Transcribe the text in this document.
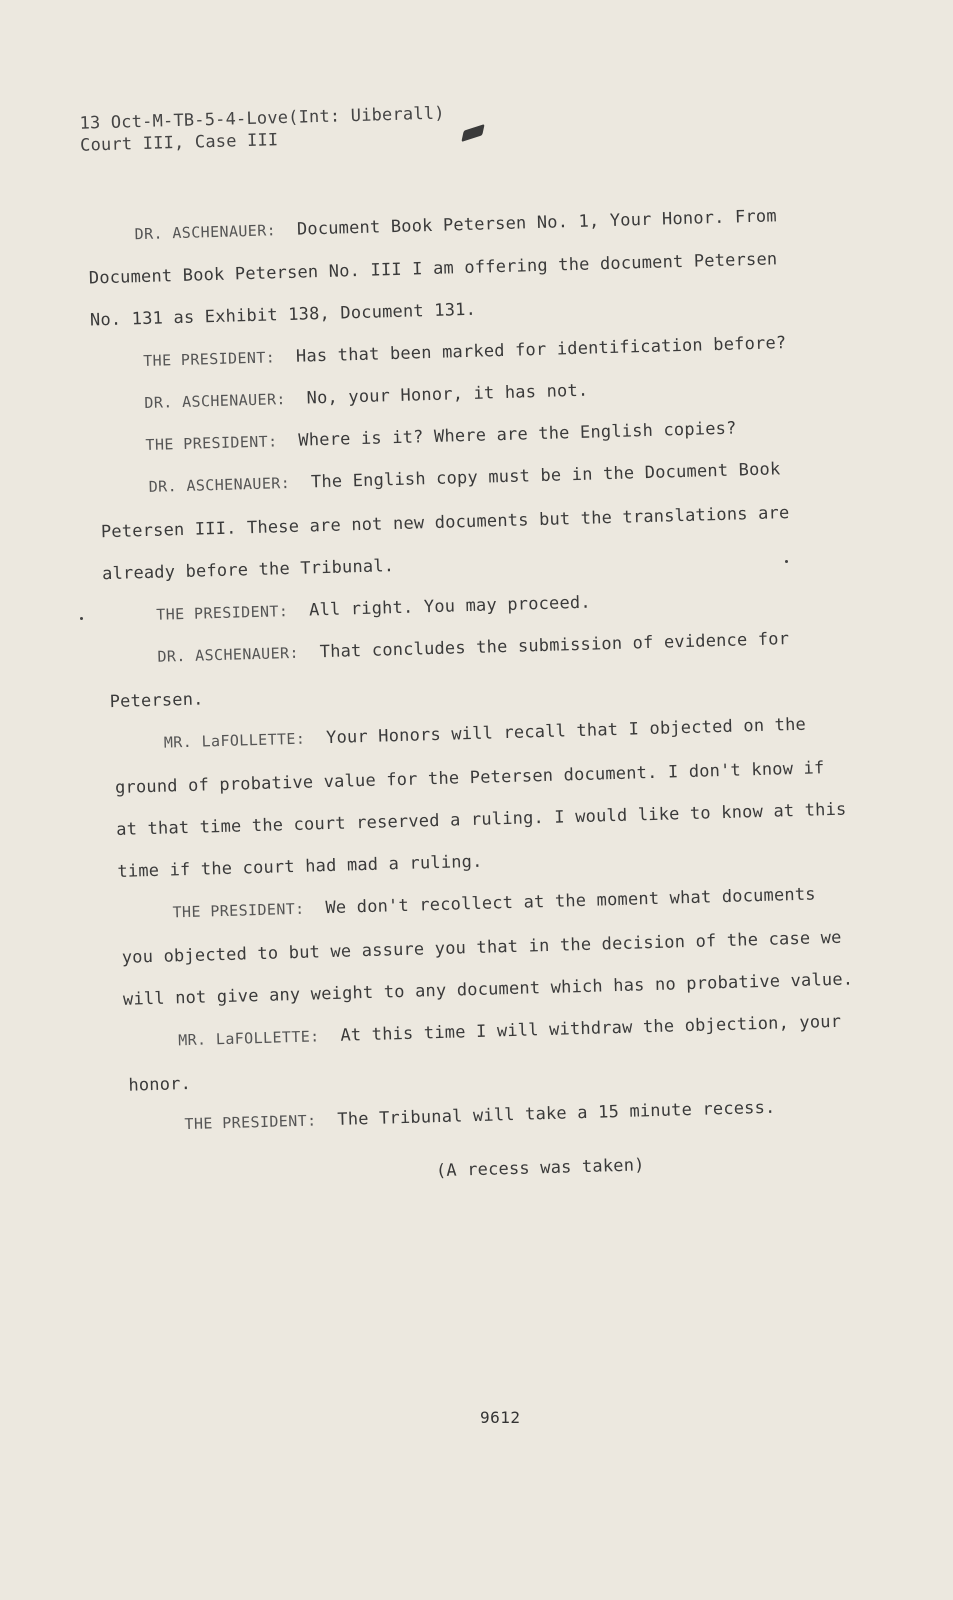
13 Oct-M-TB-5-4-Love(Int: Uiberall)
Court III, Case III
DR. ASCHENAUER: Document Book Petersen No. 1, Your Honor. From
Document Book Petersen No. III I am offering the document Petersen
No. 131 as Exhibit 138, Document 131.
THE PRESIDENT: Has that been marked for identification before?
DR. ASCHENAUER: No, your Honor, it has not.
THE PRESIDENT: Where is it? Where are the English copies?
DR. ASCHENAUER: The English copy must be in the Document Book
Petersen III. These are not new documents but the translations are
already before the Tribunal.
THE PRESIDENT: All right. You may proceed.
DR. ASCHENAUER: That concludes the submission of evidence for
Petersen.
MR. LaFOLLETTE: Your Honors will recall that I objected on the
ground of probative value for the Petersen document. I don't know if
at that time the court reserved a ruling. I would like to know at this
time if the court had mad a ruling.
THE PRESIDENT: We don't recollect at the moment what documents
you objected to but we assure you that in the decision of the case we
will not give any weight to any document which has no probative value.
MR. LaFOLLETTE: At this time I will withdraw the objection, your
honor.
THE PRESIDENT: The Tribunal will take a 15 minute recess.
(A recess was taken)
9612
